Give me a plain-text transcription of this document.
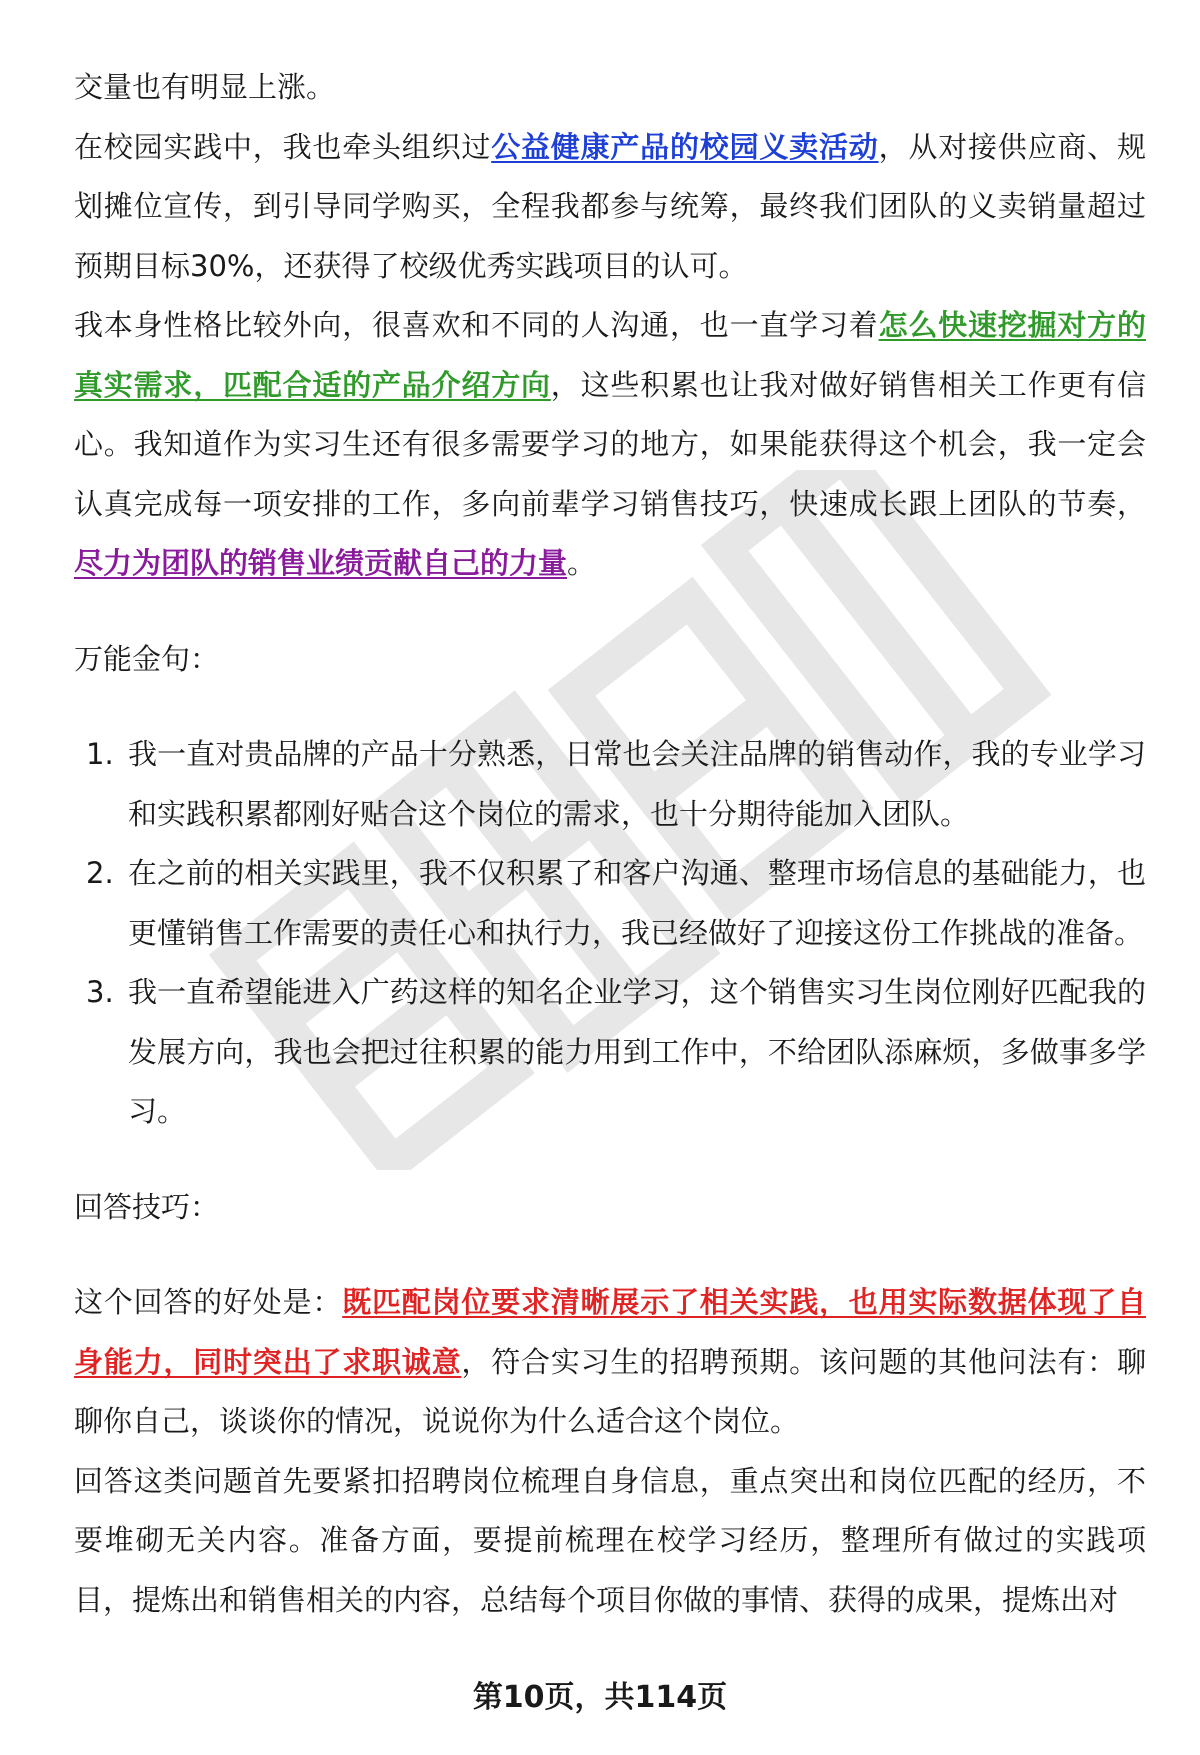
交量也有明显上涨。

在校园实践中，我也牵头组织过公益健康产品的校园义卖活动，从对接供应商、规划摊位宣传，到引导同学购买，全程我都参与统筹，最终我们团队的义卖销量超过预期目标30%，还获得了校级优秀实践项目的认可。

我本身性格比较外向，很喜欢和不同的人沟通，也一直学习着怎么快速挖掘对方的真实需求，匹配合适的产品介绍方向，这些积累也让我对做好销售相关工作更有信心。我知道作为实习生还有很多需要学习的地方，如果能获得这个机会，我一定会认真完成每一项安排的工作，多向前辈学习销售技巧，快速成长跟上团队的节奏，尽力为团队的销售业绩贡献自己的力量。

万能金句：

1. 我一直对贵品牌的产品十分熟悉，日常也会关注品牌的销售动作，我的专业学习和实践积累都刚好贴合这个岗位的需求，也十分期待能加入团队。
2. 在之前的相关实践里，我不仅积累了和客户沟通、整理市场信息的基础能力，也更懂销售工作需要的责任心和执行力，我已经做好了迎接这份工作挑战的准备。
3. 我一直希望能进入广药这样的知名企业学习，这个销售实习生岗位刚好匹配我的发展方向，我也会把过往积累的能力用到工作中，不给团队添麻烦，多做事多学习。

回答技巧：

这个回答的好处是：既匹配岗位要求清晰展示了相关实践，也用实际数据体现了自身能力，同时突出了求职诚意，符合实习生的招聘预期。该问题的其他问法有：聊聊你自己，谈谈你的情况，说说你为什么适合这个岗位。

回答这类问题首先要紧扣招聘岗位梳理自身信息，重点突出和岗位匹配的经历，不要堆砌无关内容。准备方面，要提前梳理在校学习经历，整理所有做过的实践项目，提炼出和销售相关的内容，总结每个项目你做的事情、获得的成果，提炼出对

第10页，共114页
